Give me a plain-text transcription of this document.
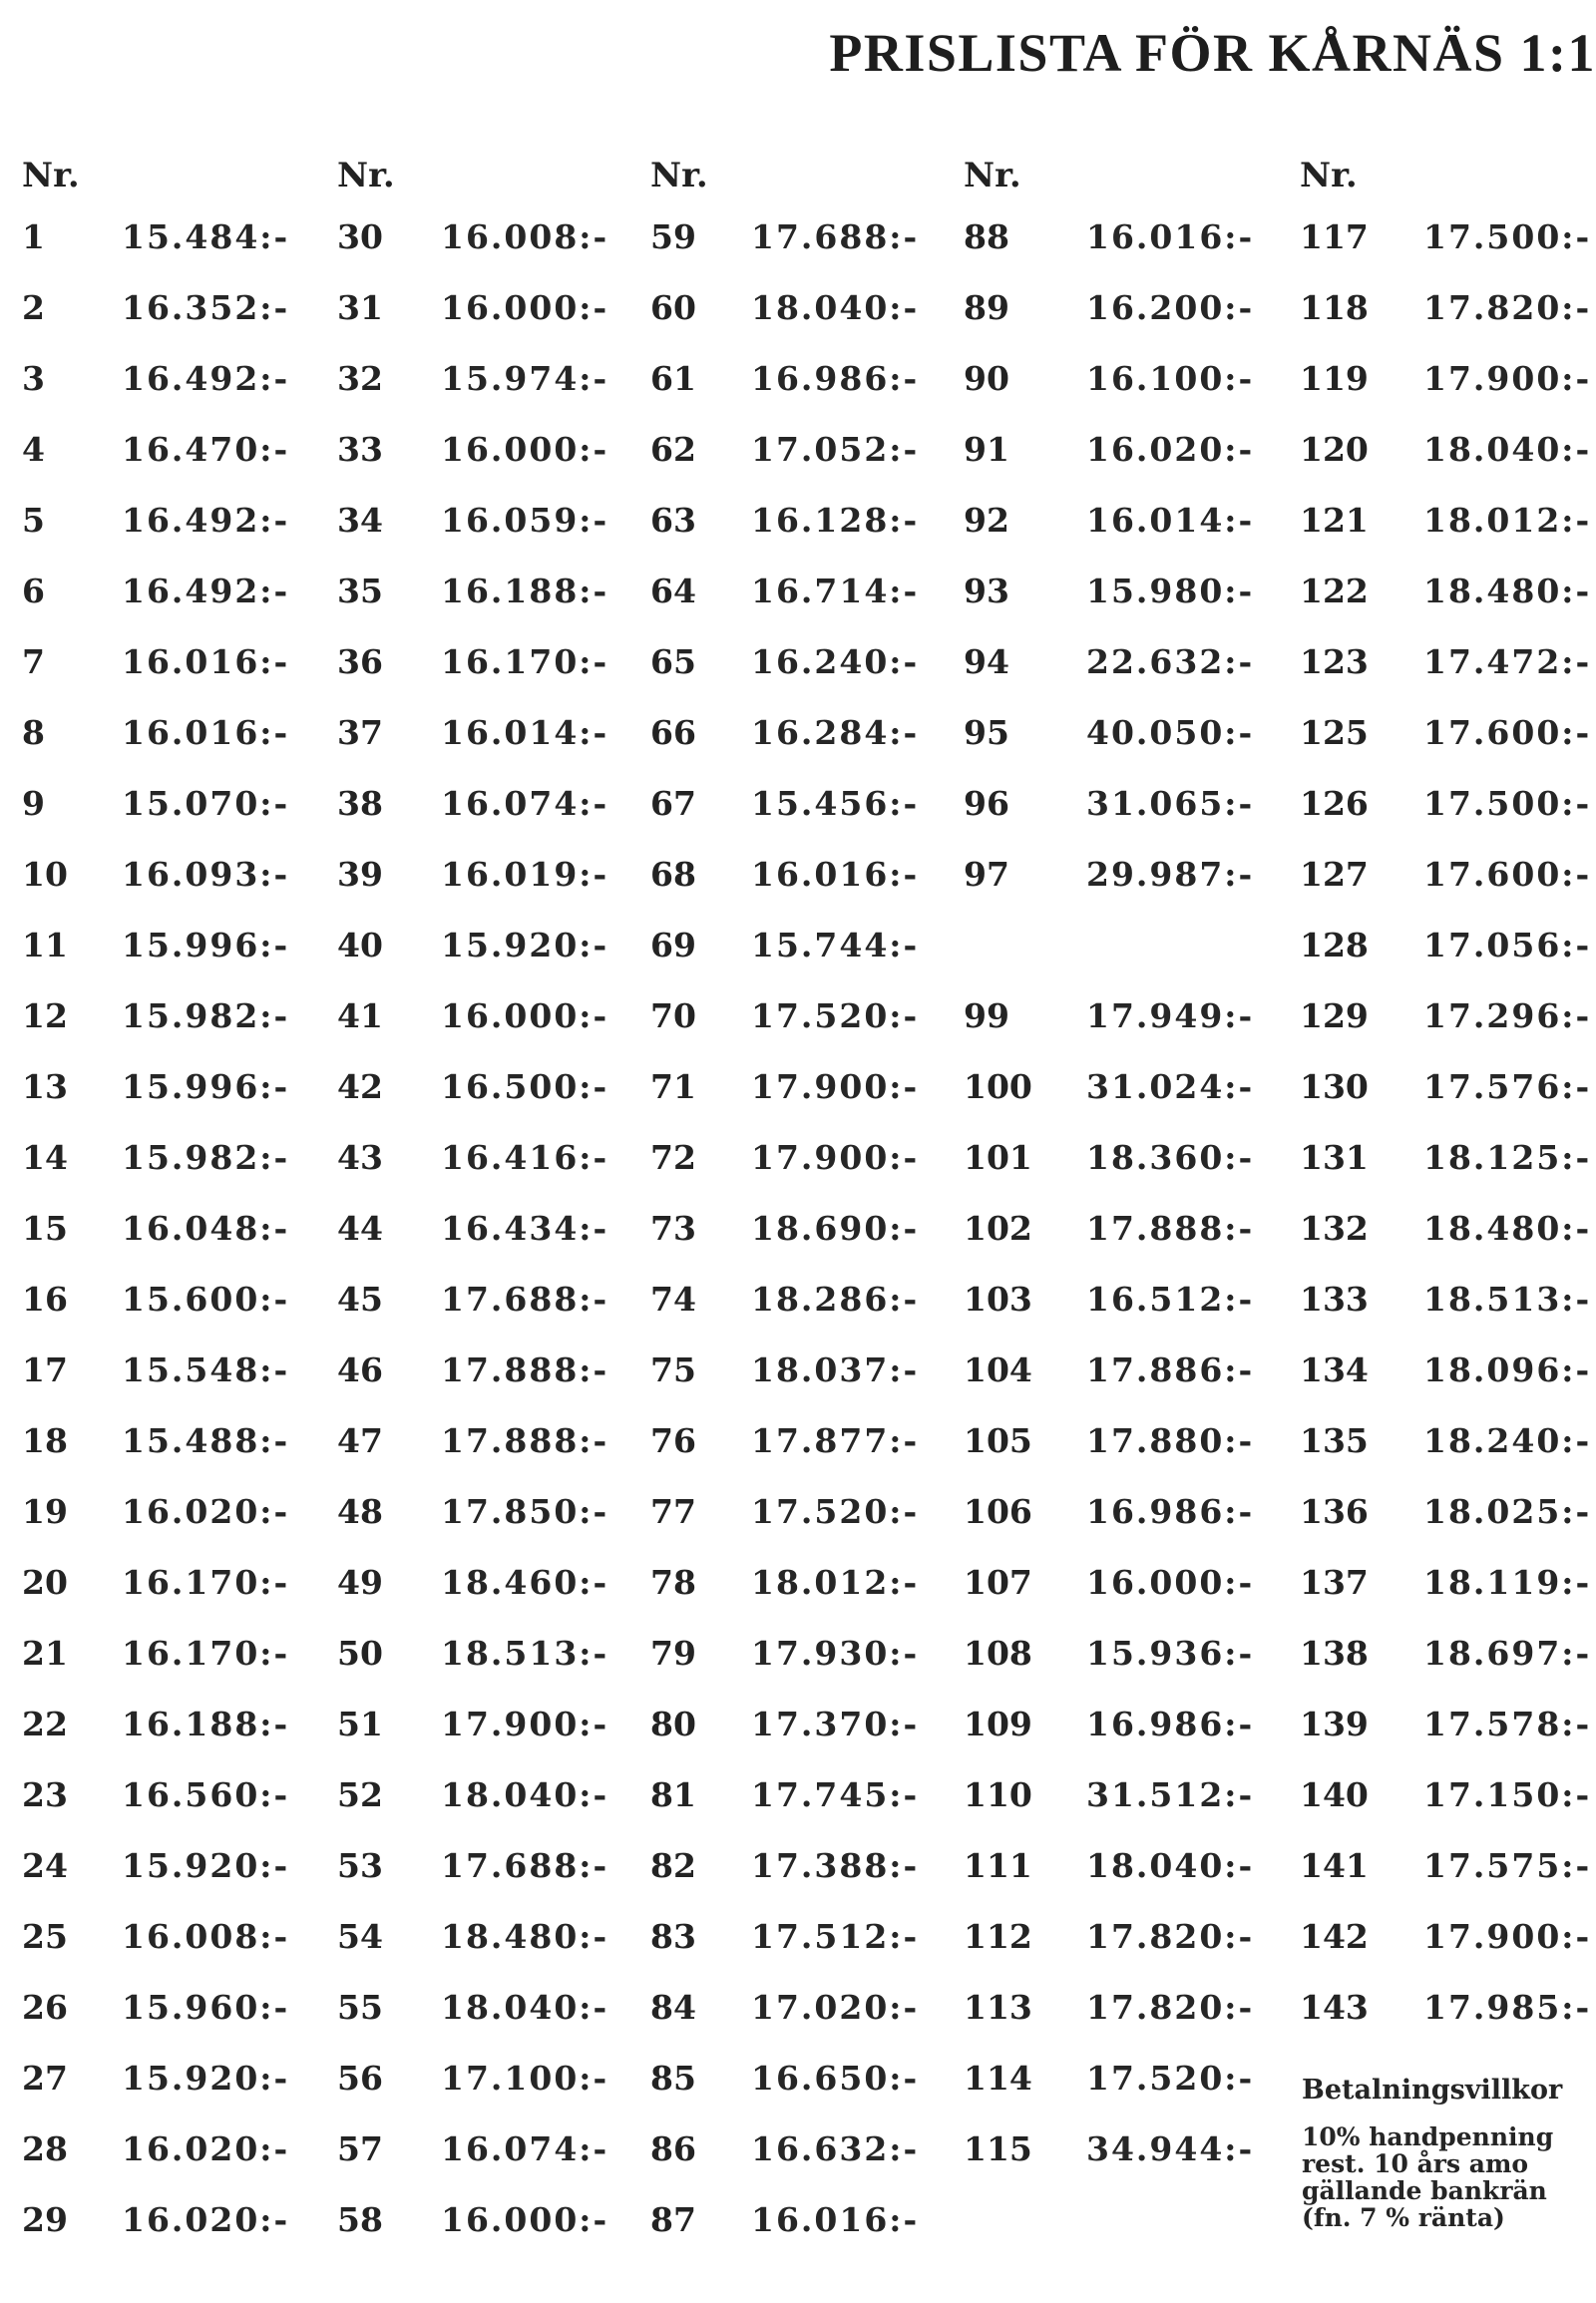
PRISLISTA FÖR KÅRNÄS 1:1
Nr.
1 15.484:-
2 16.352:-
3 16.492:-
4 16.470:-
5 16.492:-
6 16.492:-
7 16.016:-
8 16.016:-
9 15.070:-
10 16.093:-
11 15.996:-
12 15.982:-
13 15.996:-
14 15.982:-
15 16.048:-
16 15.600:-
17 15.548:-
18 15.488:-
19 16.020:-
20 16.170:-
21 16.170:-
22 16.188:-
23 16.560:-
24 15.920:-
25 16.008:-
26 15.960:-
27 15.920:-
28 16.020:-
29 16.020:-
Nr.
30 16.008:-
31 16.000:-
32 15.974:-
33 16.000:-
34 16.059:-
35 16.188:-
36 16.170:-
37 16.014:-
38 16.074:-
39 16.019:-
40 15.920:-
41 16.000:-
42 16.500:-
43 16.416:-
44 16.434:-
45 17.688:-
46 17.888:-
47 17.888:-
48 17.850:-
49 18.460:-
50 18.513:-
51 17.900:-
52 18.040:-
53 17.688:-
54 18.480:-
55 18.040:-
56 17.100:-
57 16.074:-
58 16.000:-
Nr.
59 17.688:-
60 18.040:-
61 16.986:-
62 17.052:-
63 16.128:-
64 16.714:-
65 16.240:-
66 16.284:-
67 15.456:-
68 16.016:-
69 15.744:-
70 17.520:-
71 17.900:-
72 17.900:-
73 18.690:-
74 18.286:-
75 18.037:-
76 17.877:-
77 17.520:-
78 18.012:-
79 17.930:-
80 17.370:-
81 17.745:-
82 17.388:-
83 17.512:-
84 17.020:-
85 16.650:-
86 16.632:-
87 16.016:-
Nr.
88 16.016:-
89 16.200:-
90 16.100:-
91 16.020:-
92 16.014:-
93 15.980:-
94 22.632:-
95 40.050:-
96 31.065:-
97 29.987:-
99 17.949:-
100 31.024:-
101 18.360:-
102 17.888:-
103 16.512:-
104 17.886:-
105 17.880:-
106 16.986:-
107 16.000:-
108 15.936:-
109 16.986:-
110 31.512:-
111 18.040:-
112 17.820:-
113 17.820:-
114 17.520:-
115 34.944:-
Nr.
117 17.500:-
118 17.820:-
119 17.900:-
120 18.040:-
121 18.012:-
122 18.480:-
123 17.472:-
125 17.600:-
126 17.500:-
127 17.600:-
128 17.056:-
129 17.296:-
130 17.576:-
131 18.125:-
132 18.480:-
133 18.513:-
134 18.096:-
135 18.240:-
136 18.025:-
137 18.119:-
138 18.697:-
139 17.578:-
140 17.150:-
141 17.575:-
142 17.900:-
143 17.985:-
Betalningsvillkor
10% handpenning
rest. 10 års amo
gällande bankrän
(fn. 7 % ränta)
